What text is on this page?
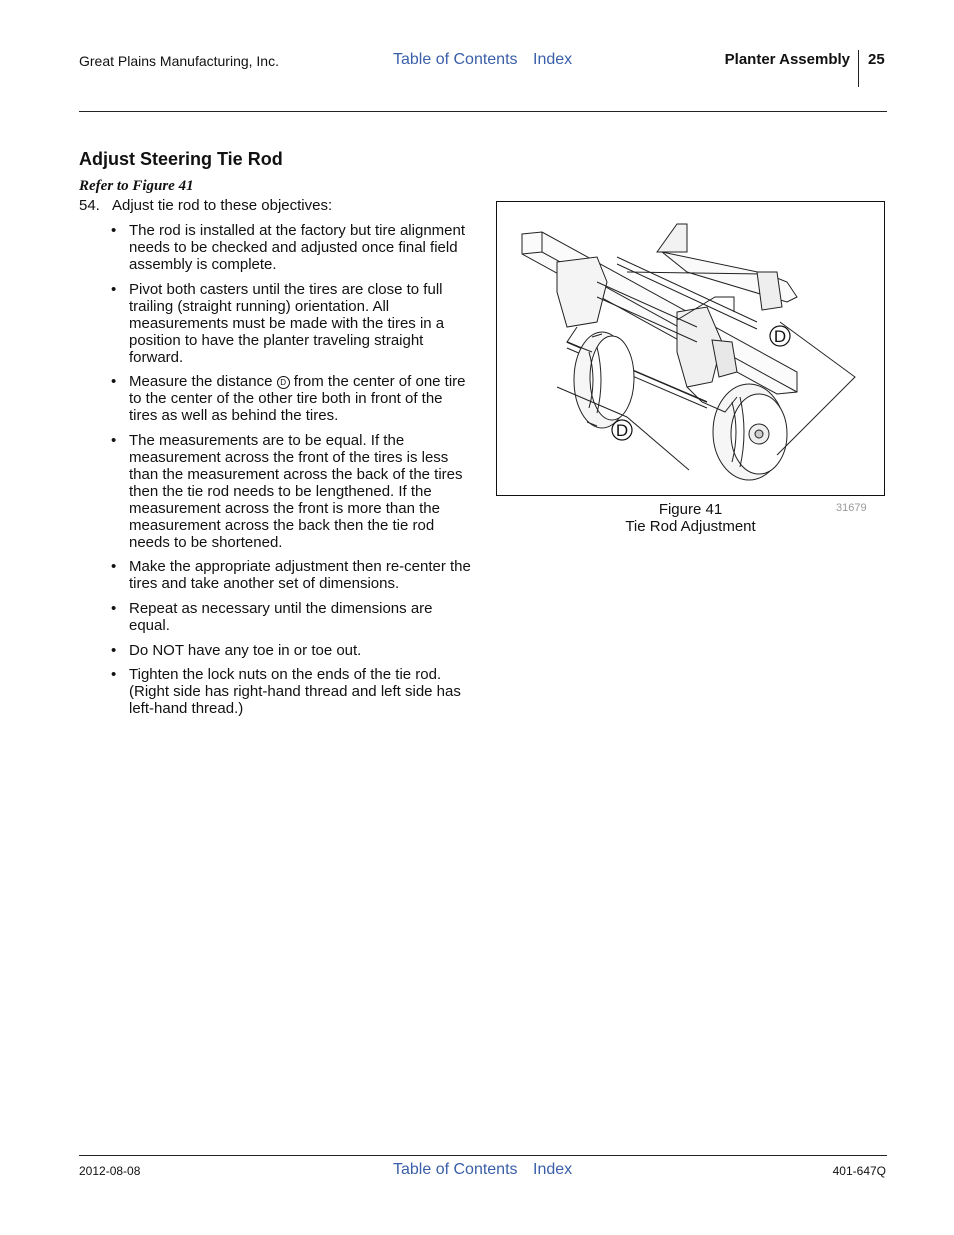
Great Plains Manufacturing, Inc.	Table of Contents Index	Planter Assembly 25
Adjust Steering Tie Rod
Refer to Figure 41
54. Adjust tie rod to these objectives:
• The rod is installed at the factory but tire alignment needs to be checked and adjusted once final field assembly is complete.
• Pivot both casters until the tires are close to full trailing (straight running) orientation. All measurements must be made with the tires in a position to have the planter traveling straight forward.
• Measure the distance D from the center of one tire to the center of the other tire both in front of the tires as well as behind the tires.
• The measurements are to be equal. If the measurement across the front of the tires is less than the measurement across the back of the tires then the tie rod needs to be lengthened. If the measurement across the front is more than the measurement across the back then the tie rod needs to be shortened.
• Make the appropriate adjustment then re-center the tires and take another set of dimensions.
• Repeat as necessary until the dimensions are equal.
• Do NOT have any toe in or toe out.
• Tighten the lock nuts on the ends of the tie rod. (Right side has right-hand thread and left side has left-hand thread.)
D
D
Figure 41
Tie Rod Adjustment
31679
2012-08-08	Table of Contents Index	401-647Q
